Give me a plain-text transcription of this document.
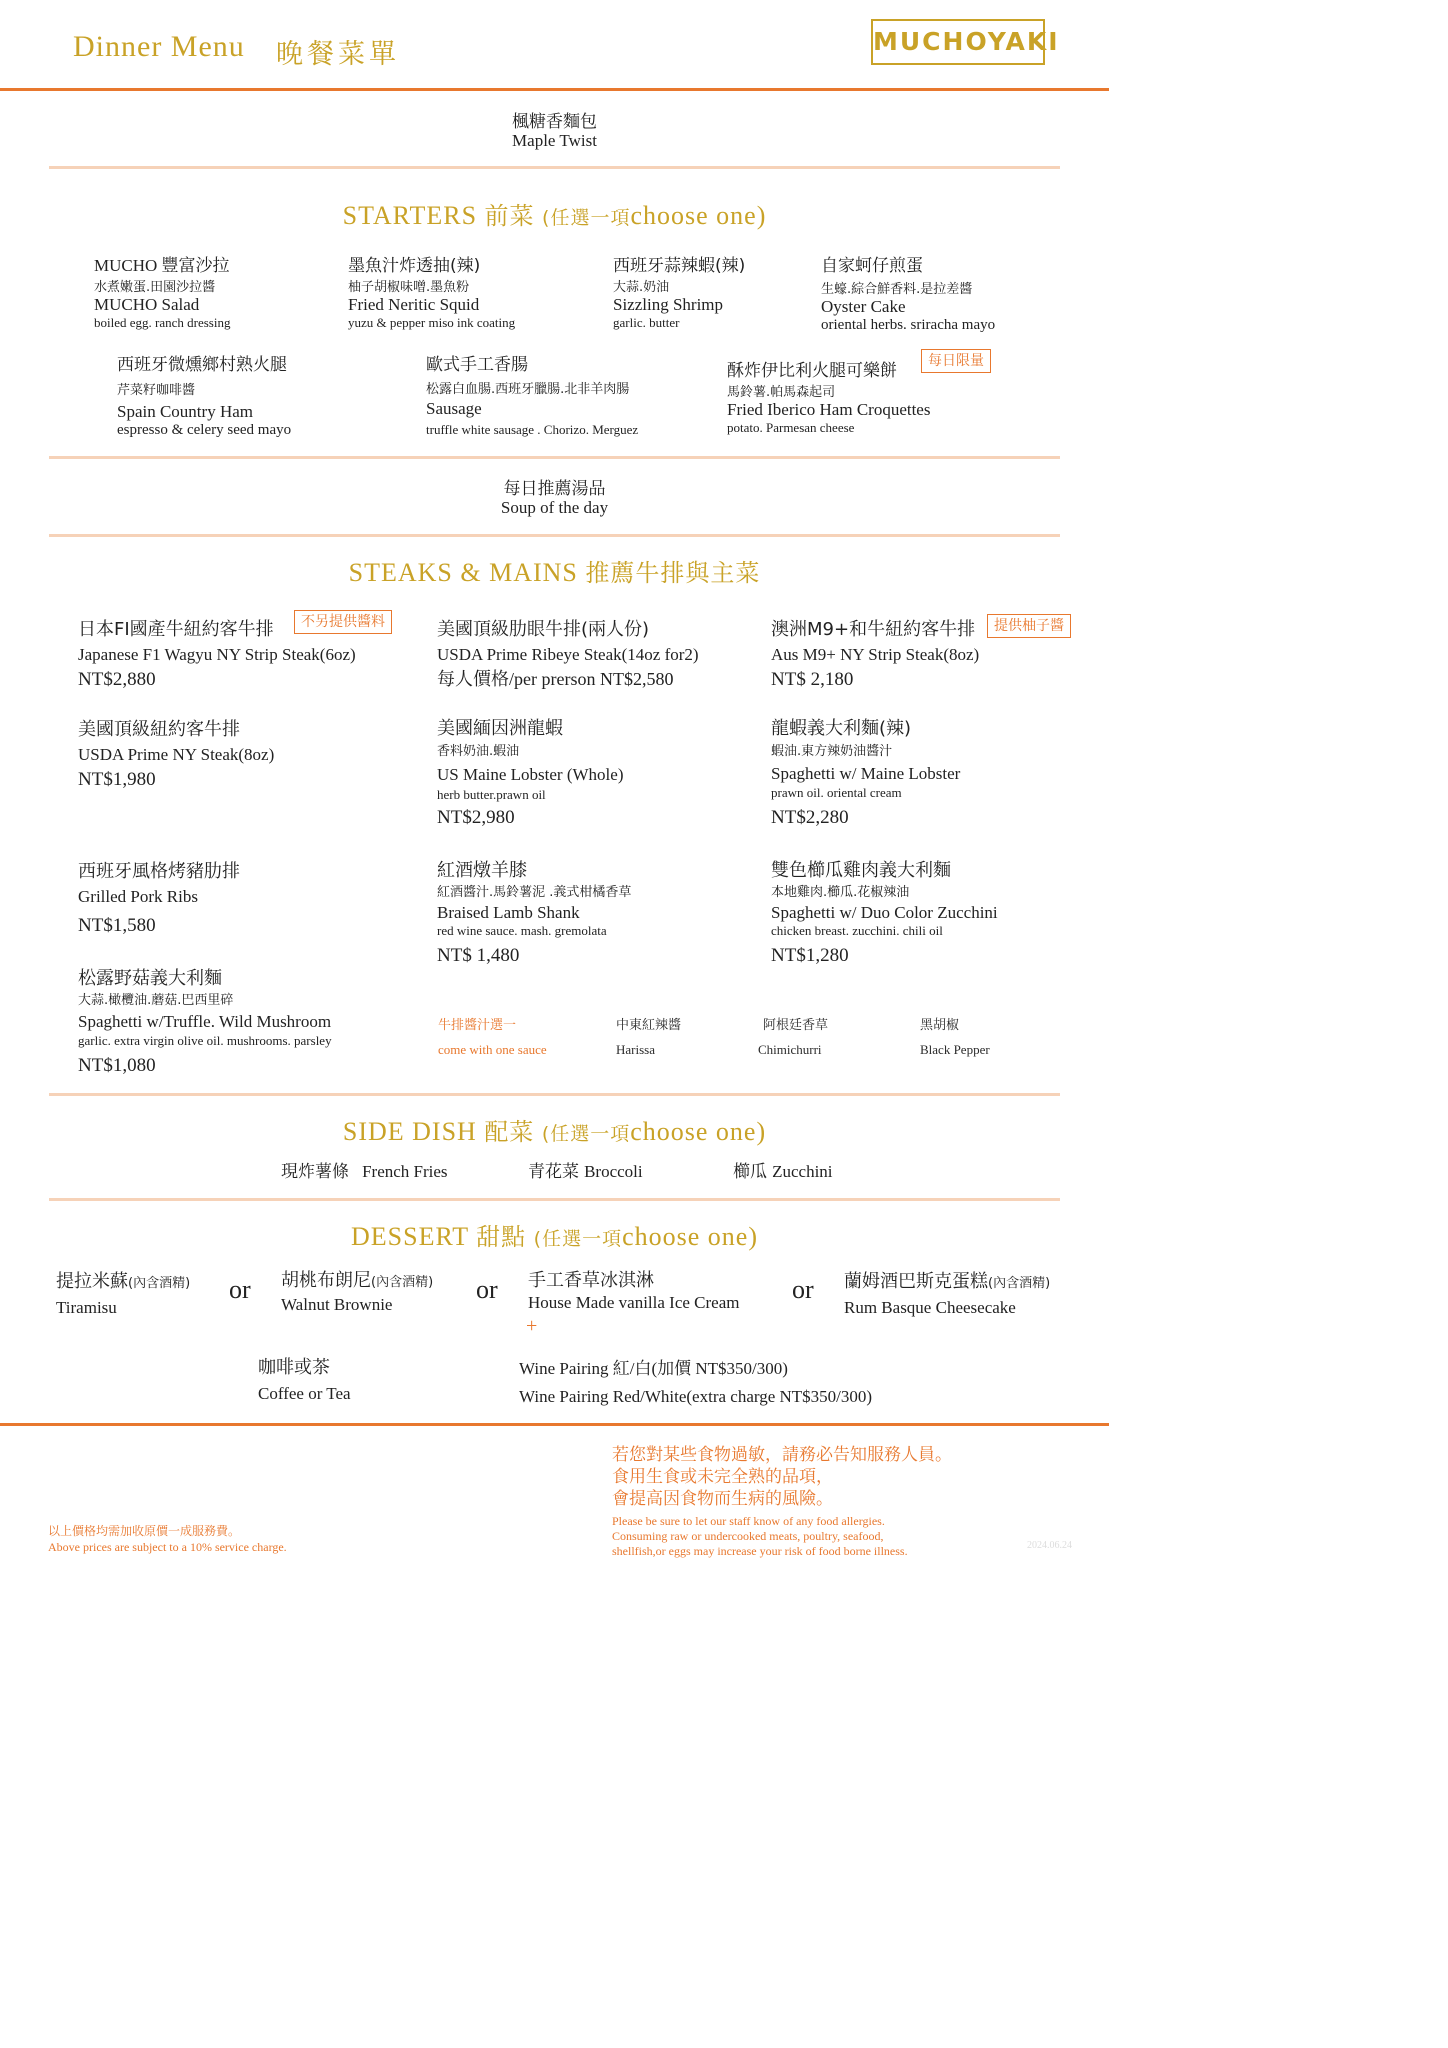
Dinner Menu 晚餐菜單	MUCHOYAKI
楓糖香麵包
Maple Twist
STARTERS 前菜 (任選一項choose one)
MUCHO 豐富沙拉
水煮嫩蛋.田園沙拉醬
MUCHO Salad
boiled egg. ranch dressing
墨魚汁炸透抽(辣)
柚子胡椒味噌.墨魚粉
Fried Neritic Squid
yuzu & pepper miso ink coating
西班牙蒜辣蝦(辣)
大蒜.奶油
Sizzling Shrimp
garlic. butter
自家蚵仔煎蛋
生蠔.綜合鮮香料.是拉差醬
Oyster Cake
oriental herbs. sriracha mayo
西班牙微燻鄉村熟火腿
芹菜籽咖啡醬
Spain Country Ham
espresso & celery seed mayo
歐式手工香腸
松露白血腸.西班牙臘腸.北非羊肉腸
Sausage
truffle white sausage . Chorizo. Merguez
酥炸伊比利火腿可樂餅
馬鈴薯.帕馬森起司
Fried Iberico Ham Croquettes
potato. Parmesan cheese
每日限量
每日推薦湯品
Soup of the day
STEAKS & MAINS 推薦牛排與主菜
日本FI國產牛紐約客牛排
Japanese F1 Wagyu NY Strip Steak(6oz)
NT$2,880
不另提供醬料	美國頂級肋眼牛排(兩人份)
USDA Prime Ribeye Steak(14oz for2)
每人價格/per prerson NT$2,580
澳洲M9+和牛紐約客牛排
Aus M9+ NY Strip Steak(8oz)
NT$ 2,180
提供柚子醬
美國頂級紐約客牛排
USDA Prime NY Steak(8oz)
NT$1,980
美國緬因洲龍蝦
香料奶油.蝦油
US Maine Lobster (Whole)
herb butter.prawn oil
NT$2,980
龍蝦義大利麵(辣)
蝦油.東方辣奶油醬汁
Spaghetti w/ Maine Lobster
prawn oil. oriental cream
NT$2,280
西班牙風格烤豬肋排
Grilled Pork Ribs
NT$1,580
紅酒燉羊膝
紅酒醬汁.馬鈴薯泥 .義式柑橘香草
Braised Lamb Shank
red wine sauce. mash. gremolata
NT$ 1,480
雙色櫛瓜雞肉義大利麵
本地雞肉.櫛瓜.花椒辣油
Spaghetti w/ Duo Color Zucchini
chicken breast. zucchini. chili oil
NT$1,280
松露野菇義大利麵
大蒜.橄欖油.蘑菇.巴西里碎
Spaghetti w/Truffle. Wild Mushroom
garlic. extra virgin olive oil. mushrooms. parsley
NT$1,080
牛排醬汁選一
come with one sauce
中東紅辣醬
Harissa
阿根廷香草
Chimichurri
黑胡椒
Black Pepper
SIDE DISH 配菜 (任選一項choose one)
現炸薯條 French Fries	青花菜 Broccoli	櫛瓜 Zucchini
DESSERT 甜點 (任選一項choose one)
提拉米蘇(內含酒精)
Tiramisu
or 胡桃布朗尼(內含酒精)
Walnut Brownie
or 手工香草冰淇淋
House Made vanilla Ice Cream
+
or 蘭姆酒巴斯克蛋糕(內含酒精)
Rum Basque Cheesecake
咖啡或茶
Coffee or Tea
Wine Pairing 紅/白(加價 NT$350/300)
Wine Pairing Red/White(extra charge NT$350/300)
若您對某些食物過敏，請務必告知服務人員。
食用生食或未完全熟的品項，
會提高因食物而生病的風險。
Please be sure to let our staff know of any food allergies.
Consuming raw or undercooked meats, poultry, seafood,
shellfish,or eggs may increase your risk of food borne illness.
以上價格均需加收原價一成服務費。
Above prices are subject to a 10% service charge.	2024.06.24
